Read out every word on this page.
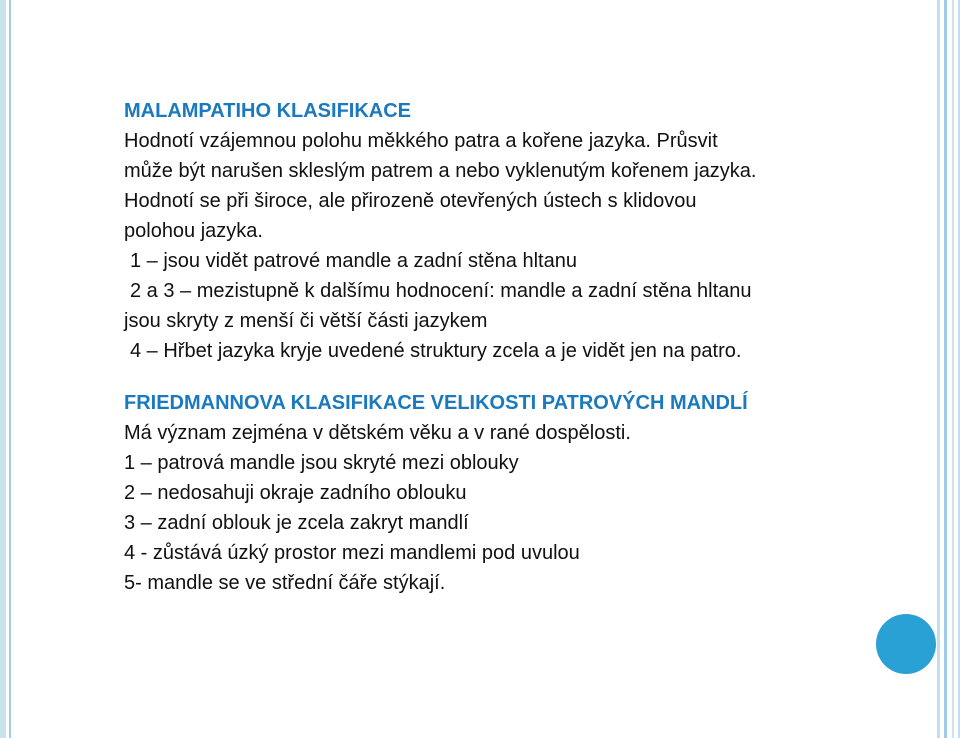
MALAMPATIHO KLASIFIKACE
Hodnotí vzájemnou polohu měkkého patra a kořene jazyka. Průsvit
může být narušen skleslým patrem a nebo vyklenutým kořenem jazyka.
Hodnotí se při široce, ale přirozeně otevřených ústech s klidovou
polohou jazyka.
1 – jsou vidět patrové mandle a zadní stěna hltanu
2 a 3 – mezistupně k dalšímu hodnocení: mandle a zadní stěna hltanu
jsou skryty z menší či větší části jazykem
4 – Hřbet jazyka kryje uvedené struktury zcela a je vidět jen na patro.
FRIEDMANNOVA KLASIFIKACE VELIKOSTI PATROVÝCH MANDLÍ
Má význam zejména v dětském věku a v rané dospělosti.
1 – patrová mandle jsou skryté mezi oblouky
2 – nedosahuji okraje zadního oblouku
3 – zadní oblouk je zcela zakryt mandlí
4 - zůstává úzký prostor mezi mandlemi pod uvulou
5- mandle se ve střední čáře stýkají.
